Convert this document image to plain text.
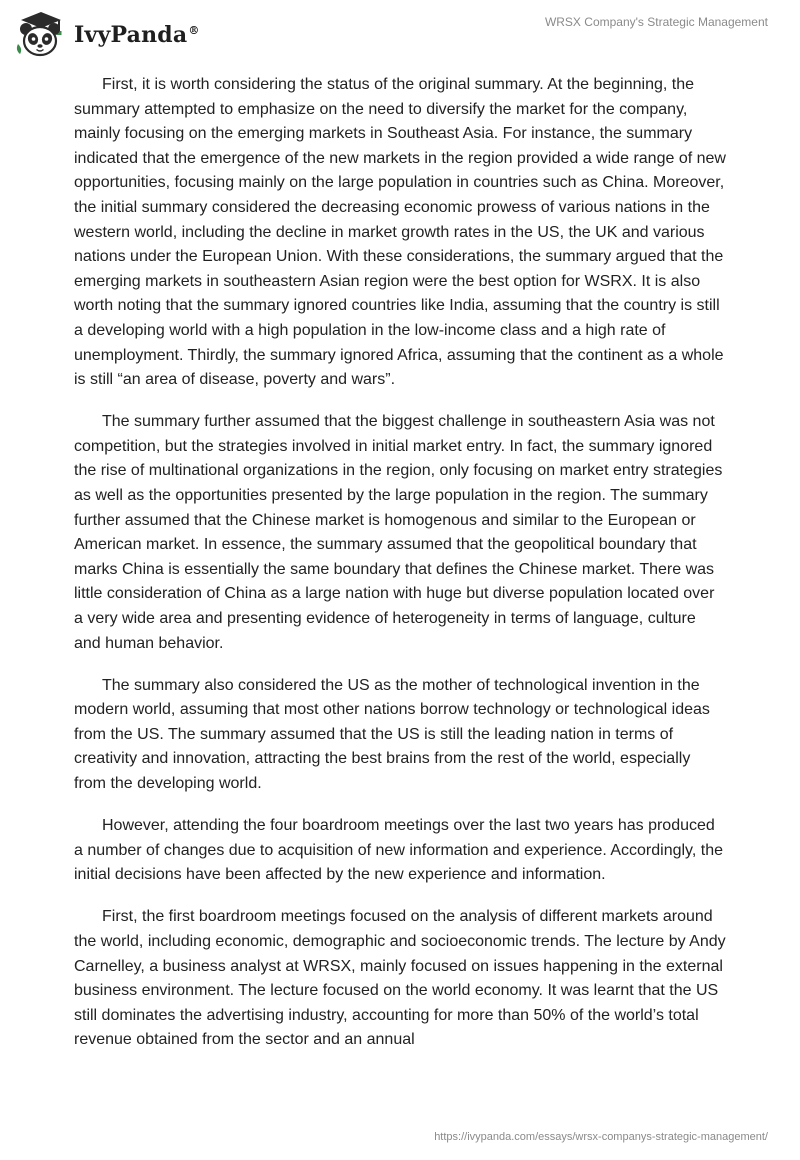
IvyPanda®
WRSX Company's Strategic Management

First, it is worth considering the status of the original summary. At the beginning, the summary attempted to emphasize on the need to diversify the market for the company, mainly focusing on the emerging markets in Southeast Asia. For instance, the summary indicated that the emergence of the new markets in the region provided a wide range of new opportunities, focusing mainly on the large population in countries such as China. Moreover, the initial summary considered the decreasing economic prowess of various nations in the western world, including the decline in market growth rates in the US, the UK and various nations under the European Union. With these considerations, the summary argued that the emerging markets in southeastern Asian region were the best option for WSRX. It is also worth noting that the summary ignored countries like India, assuming that the country is still a developing world with a high population in the low-income class and a high rate of unemployment. Thirdly, the summary ignored Africa, assuming that the continent as a whole is still “an area of disease, poverty and wars”.

The summary further assumed that the biggest challenge in southeastern Asia was not competition, but the strategies involved in initial market entry. In fact, the summary ignored the rise of multinational organizations in the region, only focusing on market entry strategies as well as the opportunities presented by the large population in the region. The summary further assumed that the Chinese market is homogenous and similar to the European or American market. In essence, the summary assumed that the geopolitical boundary that marks China is essentially the same boundary that defines the Chinese market. There was little consideration of China as a large nation with huge but diverse population located over a very wide area and presenting evidence of heterogeneity in terms of language, culture and human behavior.

The summary also considered the US as the mother of technological invention in the modern world, assuming that most other nations borrow technology or technological ideas from the US. The summary assumed that the US is still the leading nation in terms of creativity and innovation, attracting the best brains from the rest of the world, especially from the developing world.

However, attending the four boardroom meetings over the last two years has produced a number of changes due to acquisition of new information and experience. Accordingly, the initial decisions have been affected by the new experience and information.

First, the first boardroom meetings focused on the analysis of different markets around the world, including economic, demographic and socioeconomic trends. The lecture by Andy Carnelley, a business analyst at WRSX, mainly focused on issues happening in the external business environment. The lecture focused on the world economy. It was learnt that the US still dominates the advertising industry, accounting for more than 50% of the world’s total revenue obtained from the sector and an annual

https://ivypanda.com/essays/wrsx-companys-strategic-management/
